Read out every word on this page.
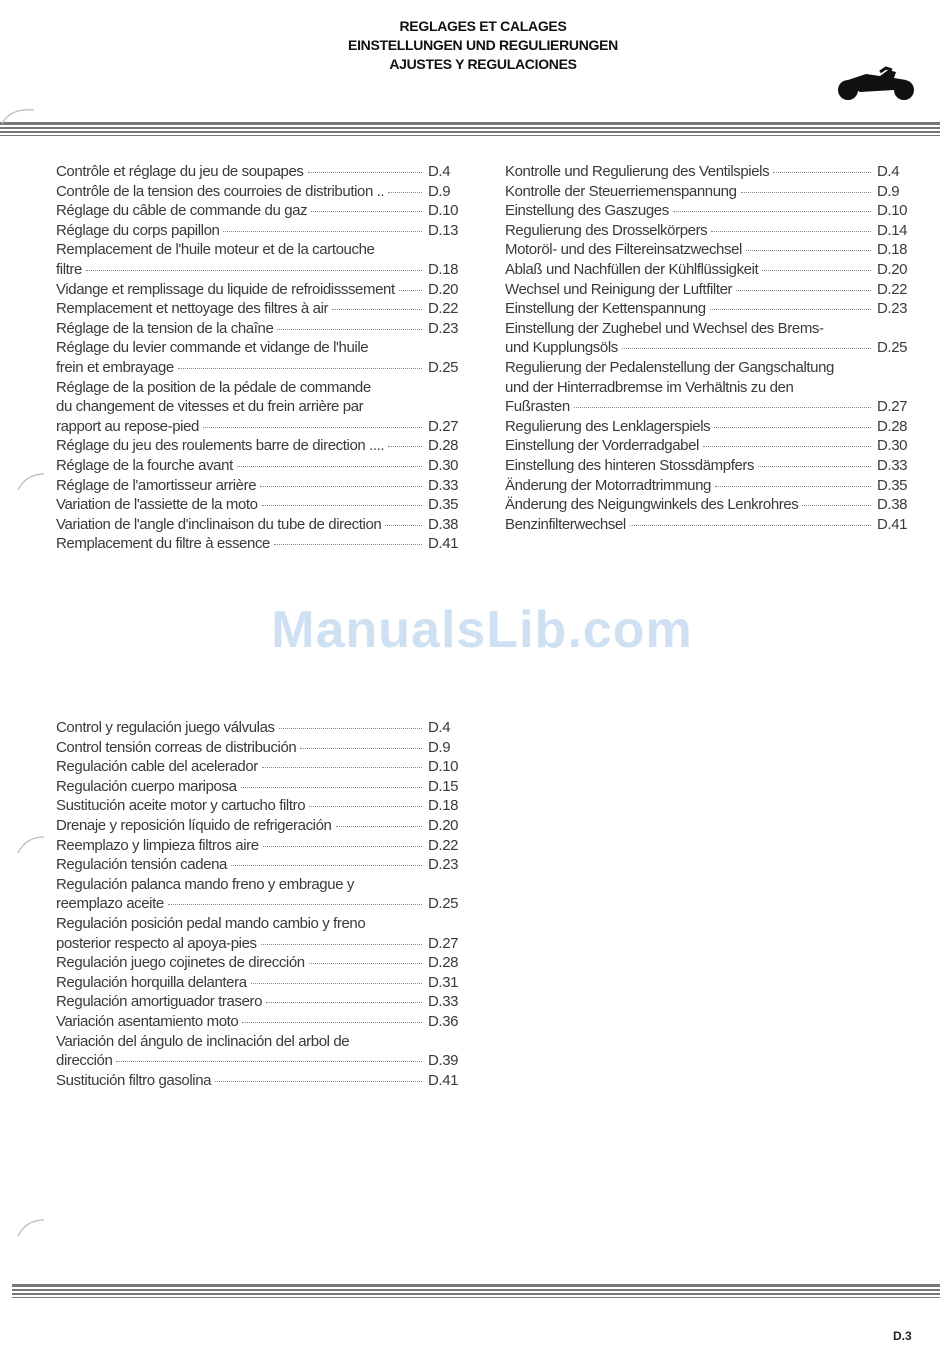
REGLAGES ET CALAGES
EINSTELLUNGEN UND REGULIERUNGEN
AJUSTES Y REGULACIONES
Contrôle et réglage du jeu de soupapes	D.4
Contrôle de la tension des courroies de distribution ..	D.9
Réglage du câble de commande du gaz	D.10
Réglage du corps papillon	D.13
Remplacement de l'huile moteur et de la cartouche
filtre	D.18
Vidange et remplissage du liquide de refroidisssement D.20
Remplacement et nettoyage des filtres à air	D.22
Réglage de la tension de la chaîne	D.23
Réglage du levier commande et vidange de l'huile
frein et embrayage	D.25
Réglage de la position de la pédale de commande
du changement de vitesses et du frein arrière par
rapport au repose-pied	D.27
Réglage du jeu des roulements barre de direction ....	D.28
Réglage de la fourche avant	D.30
Réglage de l'amortisseur arrière	D.33
Variation de l'assiette de la moto	D.35
Variation de l'angle d'inclinaison du tube de direction	D.38
Remplacement du filtre à essence	D.41
Kontrolle und Regulierung des Ventilspiels	D.4
Kontrolle der Steuerriemenspannung	D.9
Einstellung des Gaszuges	D.10
Regulierung des Drosselkörpers	D.14
Motoröl- und des Filtereinsatzwechsel	D.18
Ablaß und Nachfüllen der Kühlflüssigkeit	D.20
Wechsel und Reinigung der Luftfilter	D.22
Einstellung der Kettenspannung	D.23
Einstellung der Zughebel und Wechsel des Brems-
und Kupplungsöls	D.25
Regulierung der Pedalenstellung der Gangschaltung
und der Hinterradbremse im Verhältnis zu den
Fußrasten	D.27
Regulierung des Lenklagerspiels	D.28
Einstellung der Vorderradgabel	D.30
Einstellung des hinteren Stossdämpfers	D.33
Änderung der Motorradtrimmung	D.35
Änderung des Neigungwinkels des Lenkrohres	D.38
Benzinfilterwechsel	D.41
Control y regulación juego válvulas	D.4
Control tensión correas de distribución	D.9
Regulación cable del acelerador	D.10
Regulación cuerpo mariposa	D.15
Sustitución aceite motor y cartucho filtro	D.18
Drenaje y reposición líquido de refrigeración	D.20
Reemplazo y limpieza filtros aire	D.22
Regulación tensión cadena	D.23
Regulación palanca mando freno y embrague y
reemplazo aceite	D.25
Regulación posición pedal mando cambio y freno
posterior respecto al apoya-pies	D.27
Regulación juego cojinetes de dirección	D.28
Regulación horquilla delantera	D.31
Regulación amortiguador trasero	D.33
Variación asentamiento moto	D.36
Variación del ángulo de inclinación del arbol de
dirección	D.39
Sustitución filtro gasolina	D.41
ManualsLib.com
D.3
